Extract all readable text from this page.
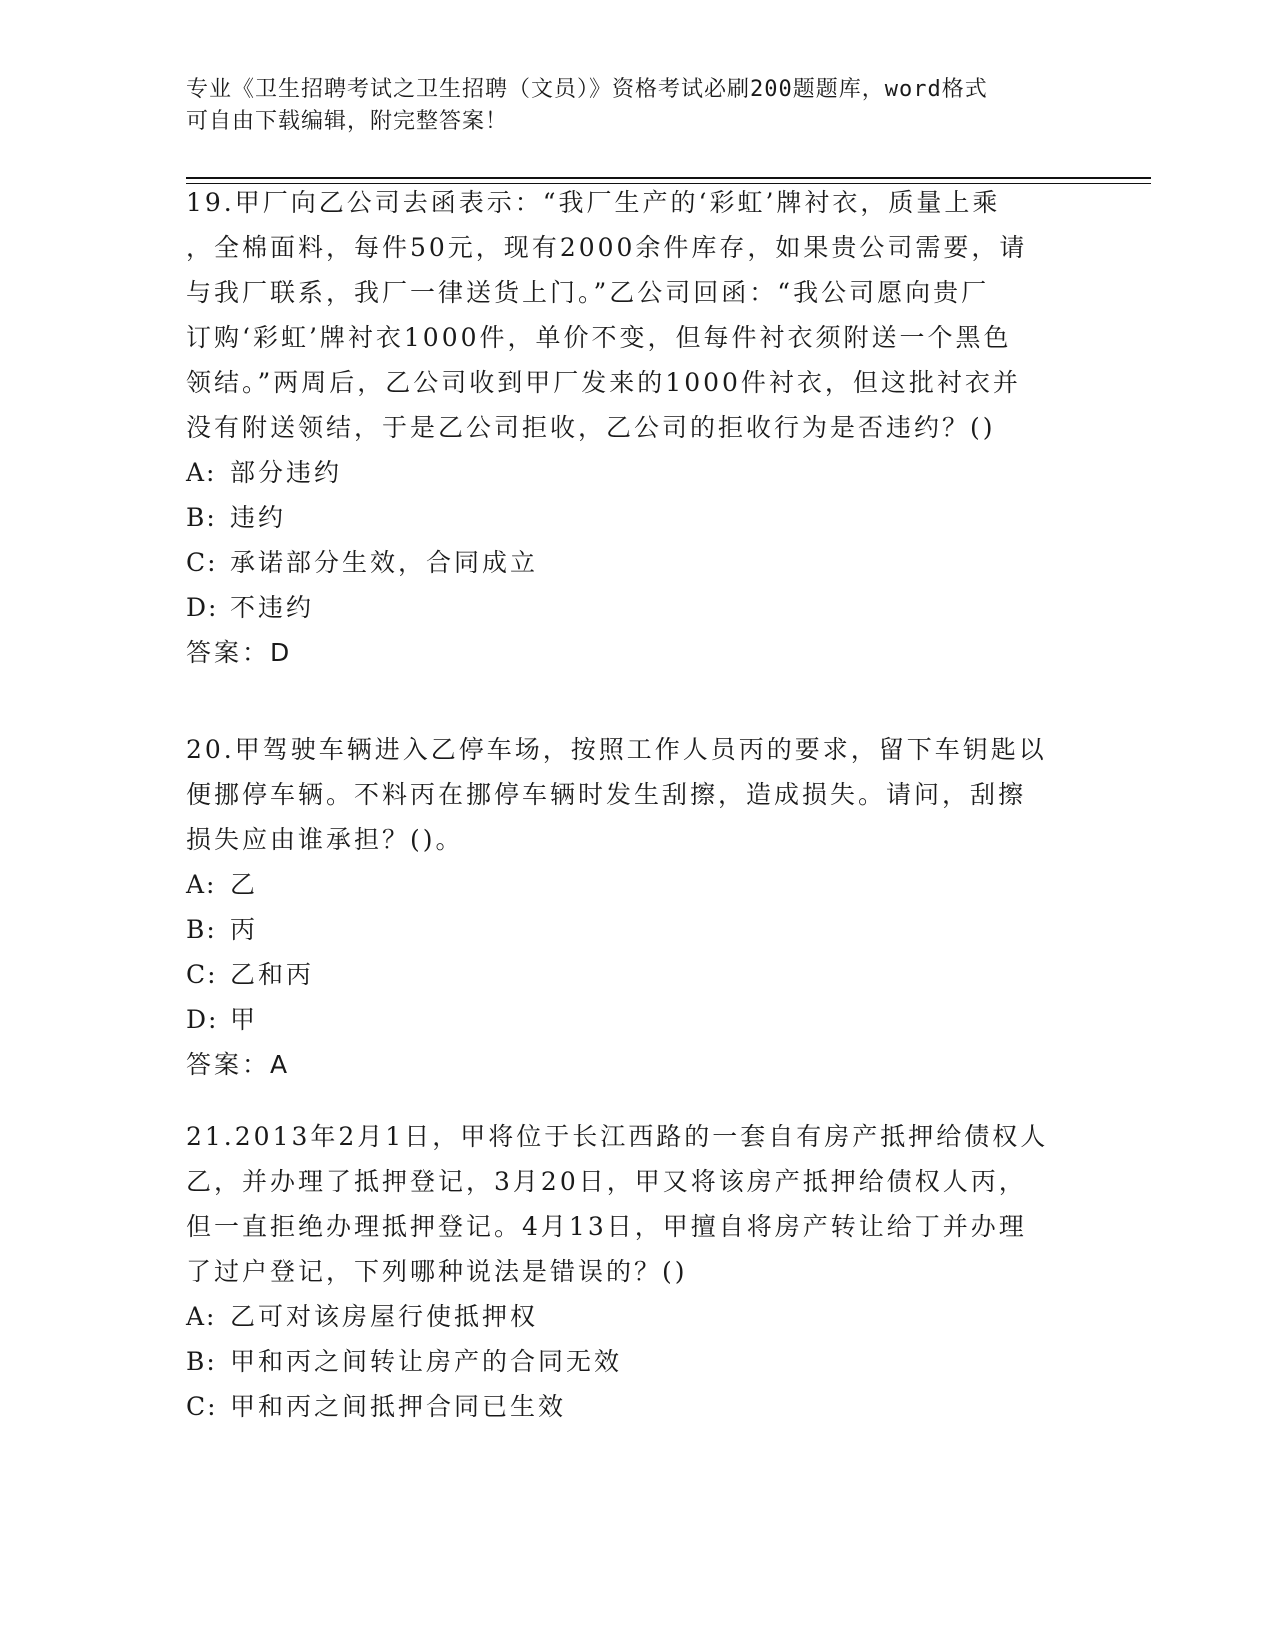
专业《卫生招聘考试之卫生招聘（文员）》资格考试必刷200题题库，word格式
可自由下载编辑，附完整答案！
19.甲厂向乙公司去函表示：“我厂生产的‘彩虹’牌衬衣，质量上乘
，全棉面料，每件50元，现有2000余件库存，如果贵公司需要，请
与我厂联系，我厂一律送货上门。”乙公司回函：“我公司愿向贵厂
订购‘彩虹’牌衬衣1000件，单价不变，但每件衬衣须附送一个黑色
领结。”两周后，乙公司收到甲厂发来的1000件衬衣，但这批衬衣并
没有附送领结，于是乙公司拒收，乙公司的拒收行为是否违约？()
A: 部分违约
B: 违约
C: 承诺部分生效，合同成立
D: 不违约
答案：D
20.甲驾驶车辆进入乙停车场，按照工作人员丙的要求，留下车钥匙以
便挪停车辆。不料丙在挪停车辆时发生刮擦，造成损失。请问，刮擦
损失应由谁承担？()。
A: 乙
B: 丙
C: 乙和丙
D: 甲
答案：A
21.2013年2月1日，甲将位于长江西路的一套自有房产抵押给债权人
乙，并办理了抵押登记，3月20日，甲又将该房产抵押给债权人丙，
但一直拒绝办理抵押登记。4月13日，甲擅自将房产转让给丁并办理
了过户登记，下列哪种说法是错误的？()
A: 乙可对该房屋行使抵押权
B: 甲和丙之间转让房产的合同无效
C: 甲和丙之间抵押合同已生效
